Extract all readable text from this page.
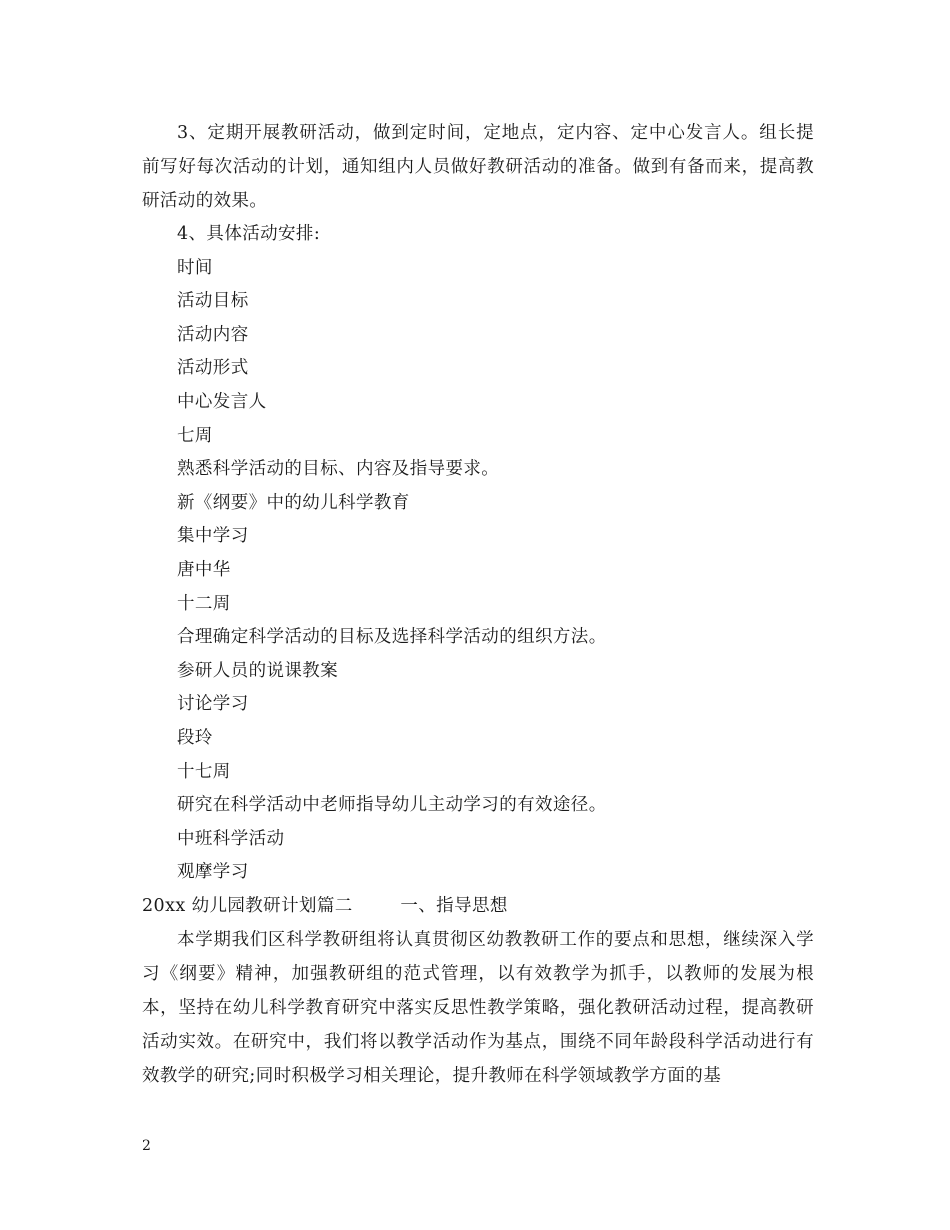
3、定期开展教研活动，做到定时间，定地点，定内容、定中心发言人。组长提前写好每次活动的计划，通知组内人员做好教研活动的准备。做到有备而来，提高教研活动的效果。

4、具体活动安排:

时间

活动目标

活动内容

活动形式

中心发言人

七周

熟悉科学活动的目标、内容及指导要求。

新《纲要》中的幼儿科学教育

集中学习

唐中华

十二周

合理确定科学活动的目标及选择科学活动的组织方法。

参研人员的说课教案

讨论学习

段玲

十七周

研究在科学活动中老师指导幼儿主动学习的有效途径。

中班科学活动

观摩学习

20xx 幼儿园教研计划篇二        一、指导思想

本学期我们区科学教研组将认真贯彻区幼教教研工作的要点和思想，继续深入学习《纲要》精神，加强教研组的范式管理，以有效教学为抓手，以教师的发展为根本，坚持在幼儿科学教育研究中落实反思性教学策略，强化教研活动过程，提高教研活动实效。在研究中，我们将以教学活动作为基点，围绕不同年龄段科学活动进行有效教学的研究;同时积极学习相关理论，提升教师在科学领域教学方面的基

2
